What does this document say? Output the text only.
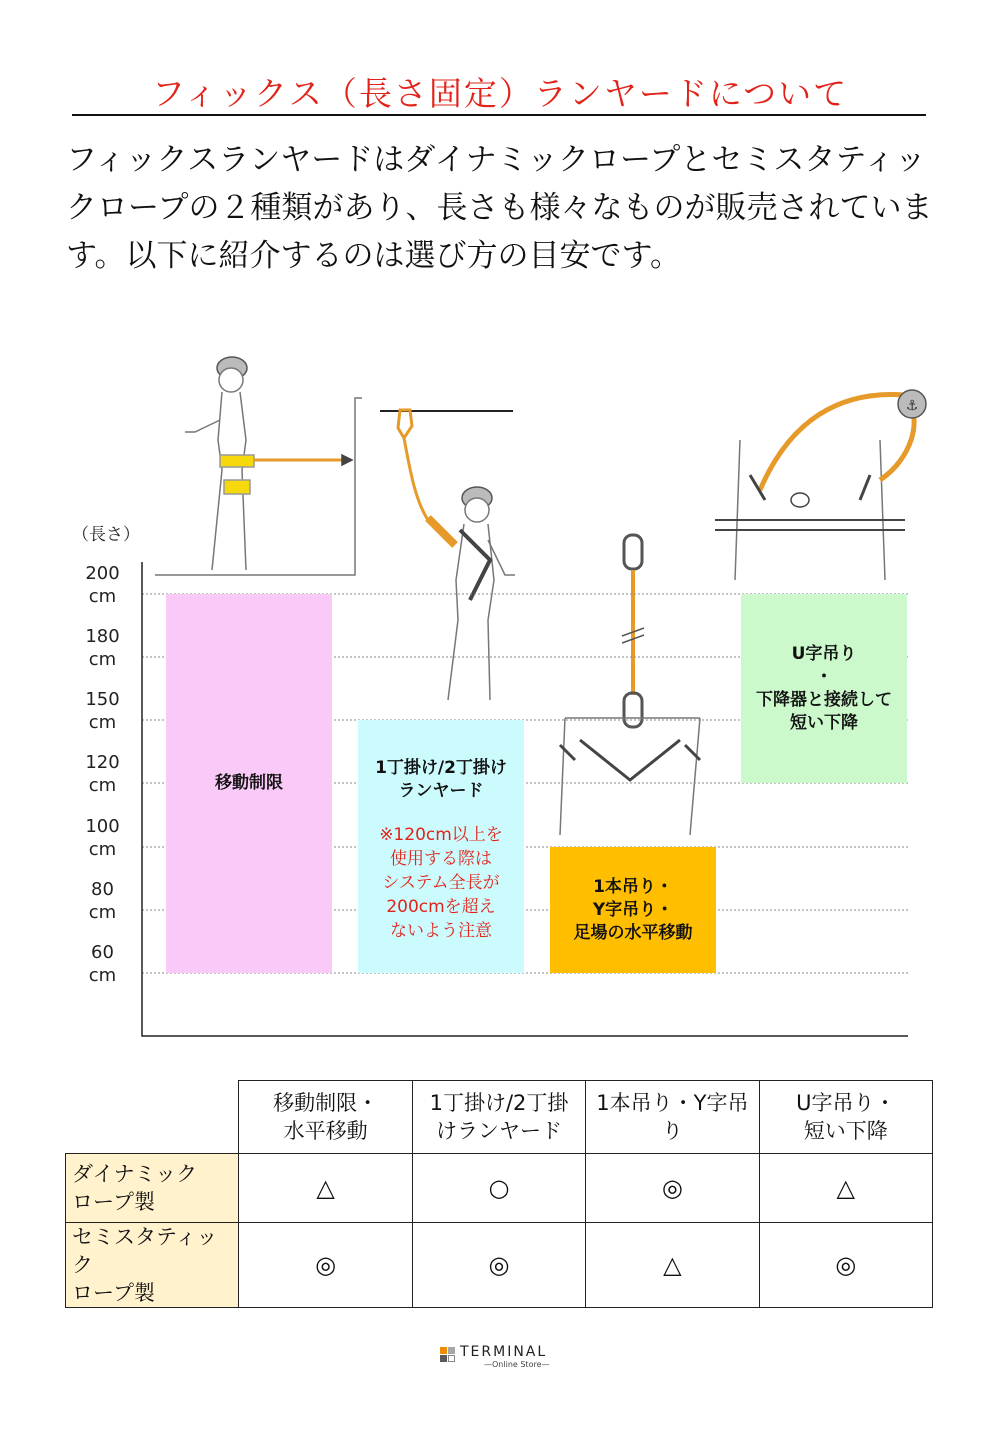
フィックス（長さ固定）ランヤードについて

フィックスランヤードはダイナミックロープとセミスタティックロープの２種類があり、長さも様々なものが販売されています。以下に紹介するのは選び方の目安です。

⚓
（長さ）
200
cm
180
cm
150
cm
120
cm
100
cm
80
cm
60
cm
移動制限
1丁掛け/2丁掛け
ランヤード
※120cm以上を
使用する際は
システム全長が
200cmを超え
ないよう注意
1本吊り・
Y字吊り・
足場の水平移動
U字吊り
・
下降器と接続して
短い下降
	移動制限・
水平移動	1丁掛け/2丁掛
けランヤード	1本吊り・Y字吊
り	U字吊り・
短い下降
ダイナミック
ロープ製	△	○	◎	△
セミスタティック
ロープ製	◎	◎	△	◎
TERMINAL
—Online Store—
